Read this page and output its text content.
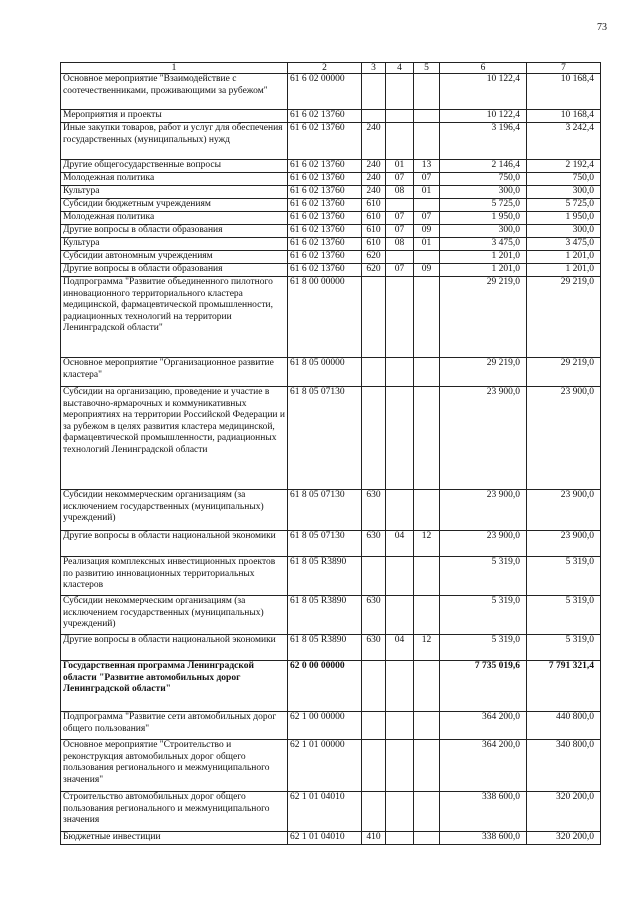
73
1	2	3	4	5	6	7
Основное мероприятие "Взаимодействие с соотечественниками, проживающими за рубежом"	61 6 02 00000				10 122,4	10 168,4
Мероприятия и проекты	61 6 02 13760				10 122,4	10 168,4
Иные закупки товаров, работ и услуг для обеспечения государственных (муниципальных) нужд	61 6 02 13760	240			3 196,4	3 242,4
Другие общегосударственные вопросы	61 6 02 13760	240	01	13	2 146,4	2 192,4
Молодежная политика	61 6 02 13760	240	07	07	750,0	750,0
Культура	61 6 02 13760	240	08	01	300,0	300,0
Субсидии бюджетным учреждениям	61 6 02 13760	610			5 725,0	5 725,0
Молодежная политика	61 6 02 13760	610	07	07	1 950,0	1 950,0
Другие вопросы в области образования	61 6 02 13760	610	07	09	300,0	300,0
Культура	61 6 02 13760	610	08	01	3 475,0	3 475,0
Субсидии автономным учреждениям	61 6 02 13760	620			1 201,0	1 201,0
Другие вопросы в области образования	61 6 02 13760	620	07	09	1 201,0	1 201,0
Подпрограмма "Развитие объединенного пилотного инновационного территориального кластера медицинской, фармацевтической промышленности, радиационных технологий на территории Ленинградской области"	61 8 00 00000				29 219,0	29 219,0
Основное мероприятие "Организационное развитие кластера"	61 8 05 00000				29 219,0	29 219,0
Субсидии на организацию, проведение и участие в выставочно-ярмарочных и коммуникативных мероприятиях на территории Российской Федерации и за рубежом в целях развития кластера медицинской, фармацевтической промышленности, радиационных технологий Ленинградской области	61 8 05 07130				23 900,0	23 900,0
Субсидии некоммерческим организациям (за исключением государственных (муниципальных) учреждений)	61 8 05 07130	630			23 900,0	23 900,0
Другие вопросы в области национальной экономики	61 8 05 07130	630	04	12	23 900,0	23 900,0
Реализация комплексных инвестиционных проектов по развитию инновационных территориальных кластеров	61 8 05 R3890				5 319,0	5 319,0
Субсидии некоммерческим организациям (за исключением государственных (муниципальных) учреждений)	61 8 05 R3890	630			5 319,0	5 319,0
Другие вопросы в области национальной экономики	61 8 05 R3890	630	04	12	5 319,0	5 319,0
Государственная программа Ленинградской области "Развитие автомобильных дорог Ленинградской области"	62 0 00 00000				7 735 019,6	7 791 321,4
Подпрограмма "Развитие сети автомобильных дорог общего пользования"	62 1 00 00000				364 200,0	440 800,0
Основное мероприятие "Строительство и реконструкция автомобильных дорог общего пользования регионального и межмуниципального значения"	62 1 01 00000				364 200,0	340 800,0
Строительство автомобильных дорог общего пользования регионального и межмуниципального значения	62 1 01 04010				338 600,0	320 200,0
Бюджетные инвестиции	62 1 01 04010	410			338 600,0	320 200,0
